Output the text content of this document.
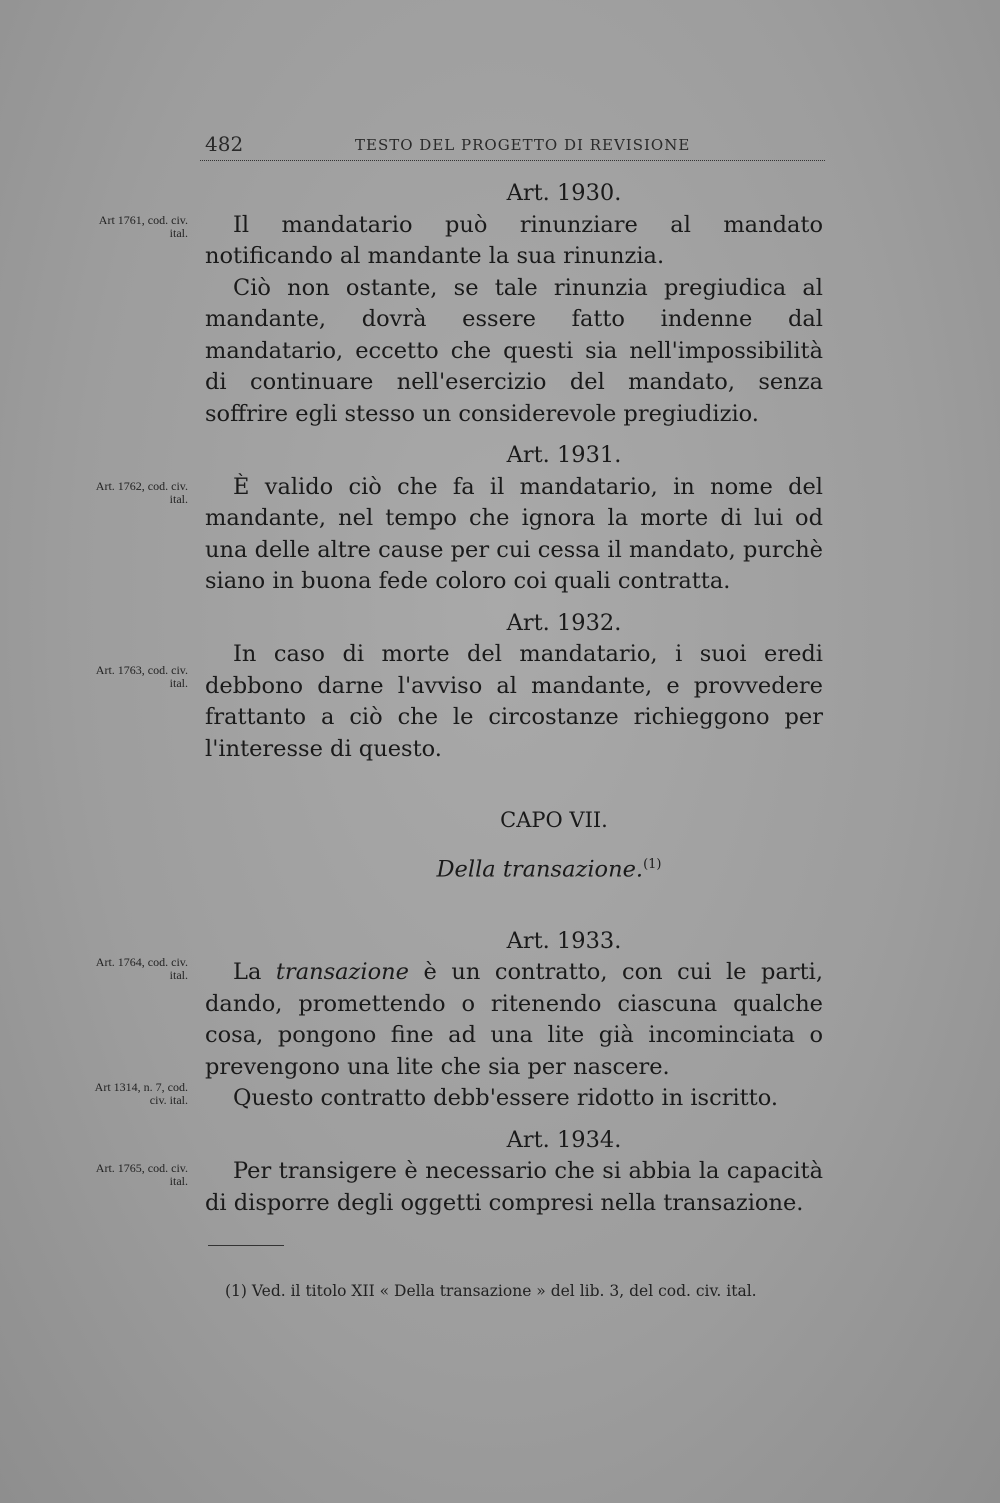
482	TESTO DEL PROGETTO DI REVISIONE
Art 1761, cod. civ. ital.
Art. 1762, cod. civ. ital.
Art. 1763, cod. civ. ital.
Art. 1764, cod. civ. ital.
Art 1314, n. 7, cod. civ. ital.
Art. 1765, cod. civ. ital.

Art. 1930.

Il mandatario può rinunziare al mandato notificando al mandante la sua rinunzia.

Ciò non ostante, se tale rinunzia pregiudica al mandante, dovrà essere fatto indenne dal mandatario, eccetto che questi sia nell'impossibilità di continuare nell'esercizio del mandato, senza soffrire egli stesso un considerevole pregiudizio.

Art. 1931.

È valido ciò che fa il mandatario, in nome del mandante, nel tempo che ignora la morte di lui od una delle altre cause per cui cessa il mandato, purchè siano in buona fede coloro coi quali contratta.

Art. 1932.

In caso di morte del mandatario, i suoi eredi debbono darne l'avviso al mandante, e provvedere frattanto a ciò che le circostanze richieggono per l'interesse di questo.

CAPO VII.

Della transazione.$^{(1)}$

Art. 1933.

La transazione è un contratto, con cui le parti, dando, promettendo o ritenendo ciascuna qualche cosa, pongono fine ad una lite già incominciata o prevengono una lite che sia per nascere.

Questo contratto debb'essere ridotto in iscritto.

Art. 1934.

Per transigere è necessario che si abbia la capacità di disporre degli oggetti compresi nella transazione.

(1) Ved. il titolo XII « Della transazione » del lib. 3, del cod. civ. ital.
